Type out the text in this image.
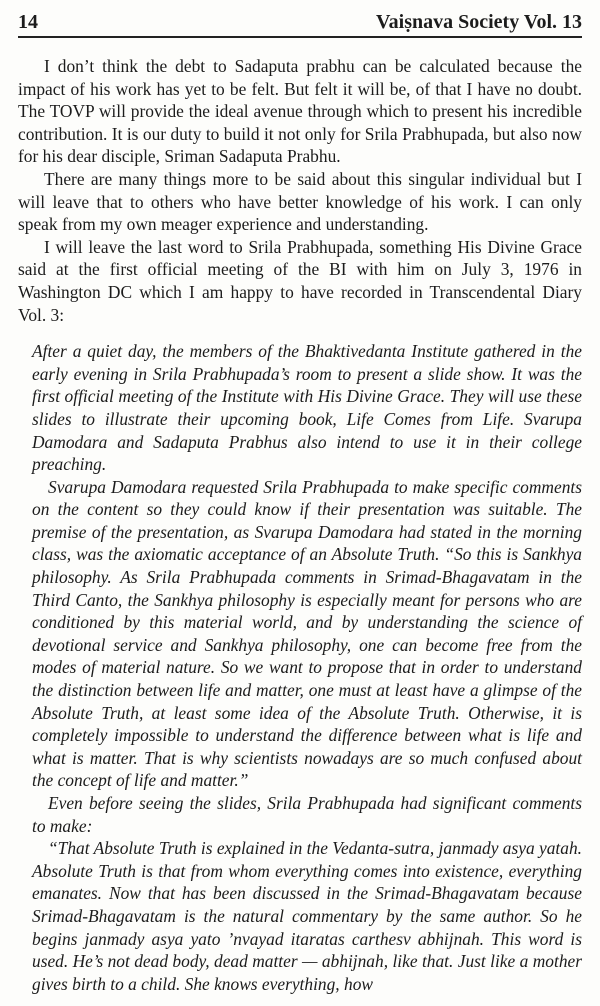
14	Vaiṣnava Society Vol. 13

I don’t think the debt to Sadaputa prabhu can be calculated because the impact of his work has yet to be felt. But felt it will be, of that I have no doubt. The TOVP will provide the ideal avenue through which to present his incredible contribution. It is our duty to build it not only for Srila Prabhupada, but also now for his dear disciple, Sriman Sadaputa Prabhu.

There are many things more to be said about this singular individual but I will leave that to others who have better knowledge of his work. I can only speak from my own meager experience and understanding.

I will leave the last word to Srila Prabhupada, something His Divine Grace said at the first official meeting of the BI with him on July 3, 1976 in Washington DC which I am happy to have recorded in Transcendental Diary Vol. 3:

After a quiet day, the members of the Bhaktivedanta Institute gathered in the early evening in Srila Prabhupada’s room to present a slide show. It was the first official meeting of the Institute with His Divine Grace. They will use these slides to illustrate their upcoming book, Life Comes from Life. Svarupa Damodara and Sadaputa Prabhus also intend to use it in their college preaching.

Svarupa Damodara requested Srila Prabhupada to make specific comments on the content so they could know if their presentation was suitable. The premise of the presentation, as Svarupa Damodara had stated in the morning class, was the axiomatic acceptance of an Absolute Truth. “So this is Sankhya philosophy. As Srila Prabhupada comments in Srimad-Bhagavatam in the Third Canto, the Sankhya philosophy is especially meant for persons who are conditioned by this material world, and by understanding the science of devotional service and Sankhya philosophy, one can become free from the modes of material nature. So we want to propose that in order to understand the distinction between life and matter, one must at least have a glimpse of the Absolute Truth, at least some idea of the Absolute Truth. Otherwise, it is completely impossible to understand the difference between what is life and what is matter. That is why scientists nowadays are so much confused about the concept of life and matter.”

Even before seeing the slides, Srila Prabhupada had significant comments to make:

“That Absolute Truth is explained in the Vedanta-sutra, janmady asya yatah. Absolute Truth is that from whom everything comes into existence, everything emanates. Now that has been discussed in the Srimad-Bhagavatam because Srimad-Bhagavatam is the natural commentary by the same author. So he begins janmady asya yato ’nvayad itaratas carthesv abhijnah. This word is used. He’s not dead body, dead matter — abhijnah, like that. Just like a mother gives birth to a child. She knows everything, how
